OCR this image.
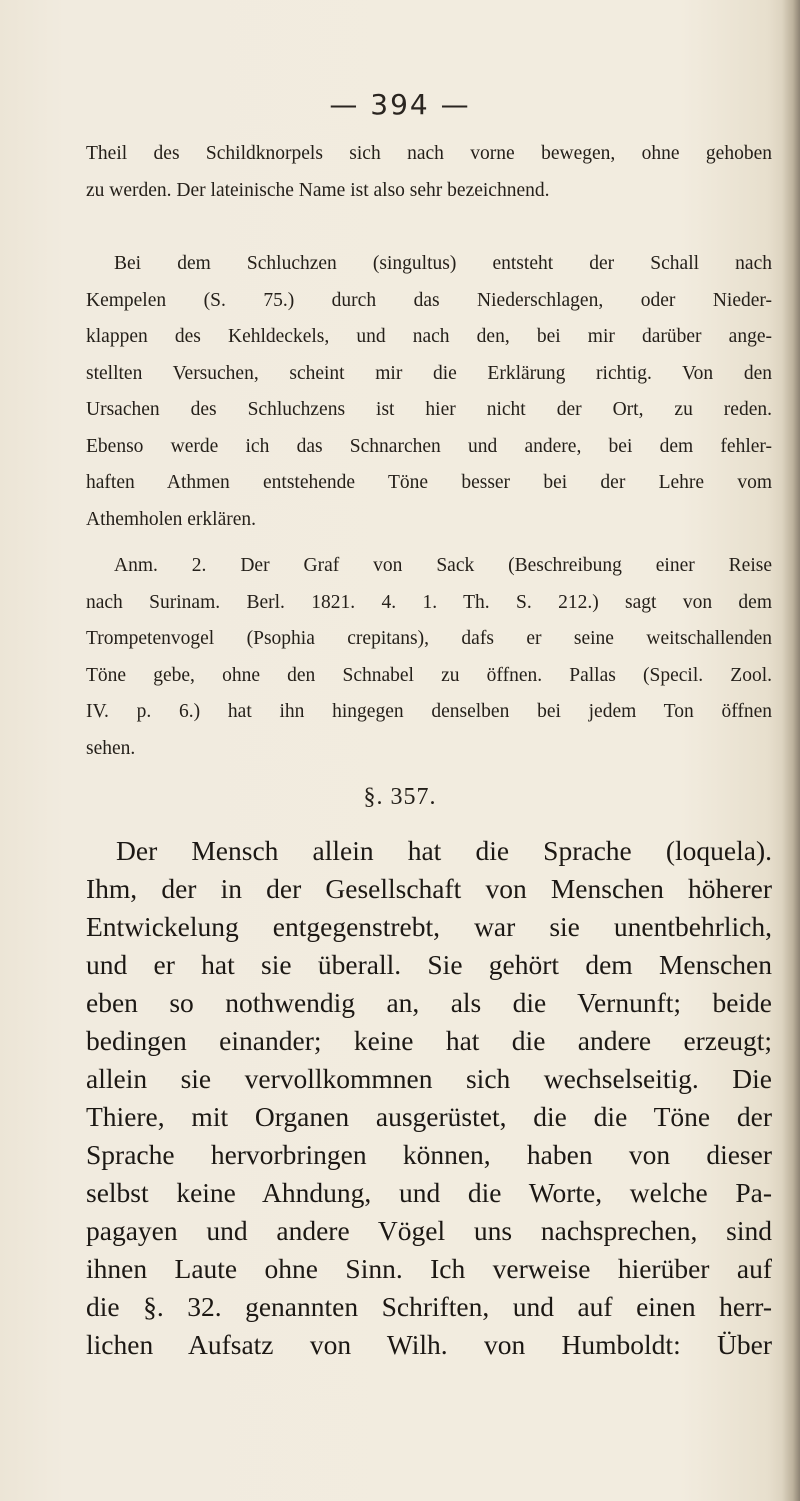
— 394 —
Theil des Schildknorpels sich nach vorne bewegen, ohne gehoben
zu werden. Der lateinische Name ist also sehr bezeichnend.
Bei dem Schluchzen (singultus) entsteht der Schall nach
Kempelen (S. 75.) durch das Niederschlagen, oder Nieder-
klappen des Kehldeckels, und nach den, bei mir darüber ange-
stellten Versuchen, scheint mir die Erklärung richtig. Von den
Ursachen des Schluchzens ist hier nicht der Ort, zu reden.
Ebenso werde ich das Schnarchen und andere, bei dem fehler-
haften Athmen entstehende Töne besser bei der Lehre vom
Athemholen erklären.
Anm. 2. Der Graf von Sack (Beschreibung einer Reise
nach Surinam. Berl. 1821. 4. 1. Th. S. 212.) sagt von dem
Trompetenvogel (Psophia crepitans), dafs er seine weitschallenden
Töne gebe, ohne den Schnabel zu öffnen. Pallas (Specil. Zool.
IV. p. 6.) hat ihn hingegen denselben bei jedem Ton öffnen
sehen.
§. 357.
Der Mensch allein hat die Sprache (loquela).
Ihm, der in der Gesellschaft von Menschen höherer
Entwickelung entgegenstrebt, war sie unentbehrlich,
und er hat sie überall. Sie gehört dem Menschen
eben so nothwendig an, als die Vernunft; beide
bedingen einander; keine hat die andere erzeugt;
allein sie vervollkommnen sich wechselseitig. Die
Thiere, mit Organen ausgerüstet, die die Töne der
Sprache hervorbringen können, haben von dieser
selbst keine Ahndung, und die Worte, welche Pa-
pagayen und andere Vögel uns nachsprechen, sind
ihnen Laute ohne Sinn. Ich verweise hierüber auf
die §. 32. genannten Schriften, und auf einen herr-
lichen Aufsatz von Wilh. von Humboldt: Über
